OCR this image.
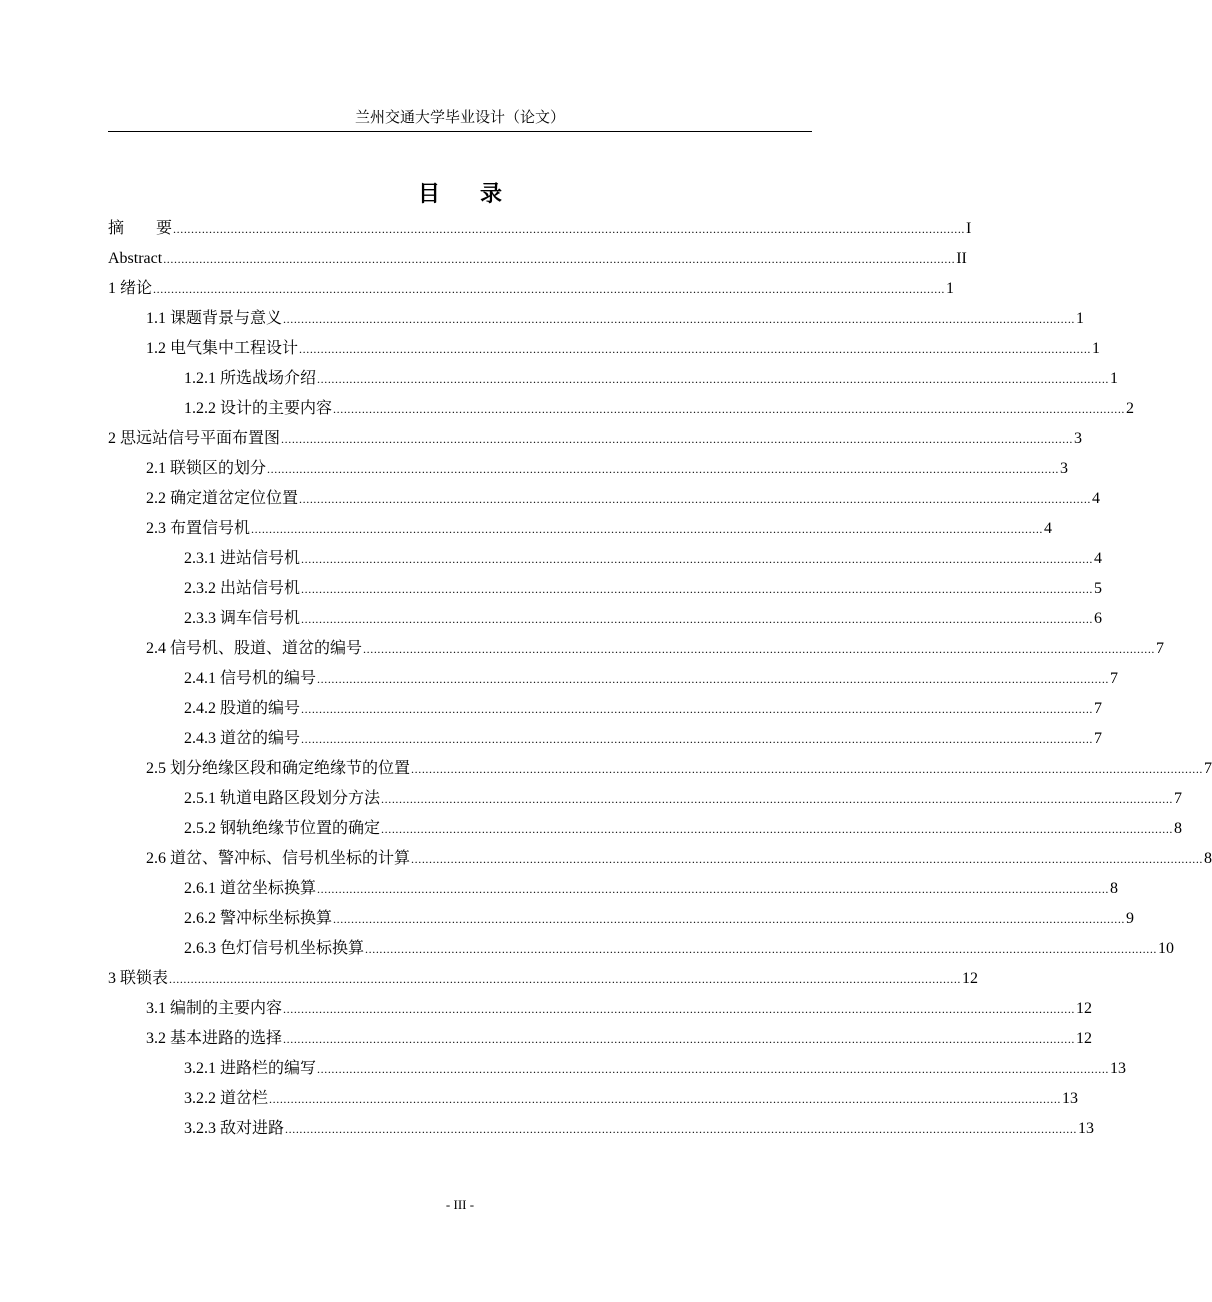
兰州交通大学毕业设计（论文）
目录
摘　　要 ............................................................................................................................................................................................................................ I
Abstract ............................................................................................................................................................................................................................ II
1 绪论 ............................................................................................................................................................................................................................ 1
1.1 课题背景与意义 ............................................................................................................................................................................................................................ 1
1.2 电气集中工程设计 ............................................................................................................................................................................................................................ 1
1.2.1 所选战场介绍 ............................................................................................................................................................................................................................ 1
1.2.2 设计的主要内容 ............................................................................................................................................................................................................................ 2
2 思远站信号平面布置图 ............................................................................................................................................................................................................................ 3
2.1 联锁区的划分 ............................................................................................................................................................................................................................ 3
2.2 确定道岔定位位置 ............................................................................................................................................................................................................................ 4
2.3 布置信号机 ............................................................................................................................................................................................................................ 4
2.3.1 进站信号机 ............................................................................................................................................................................................................................ 4
2.3.2 出站信号机 ............................................................................................................................................................................................................................ 5
2.3.3 调车信号机 ............................................................................................................................................................................................................................ 6
2.4 信号机、股道、道岔的编号 ............................................................................................................................................................................................................................ 7
2.4.1 信号机的编号 ............................................................................................................................................................................................................................ 7
2.4.2 股道的编号 ............................................................................................................................................................................................................................ 7
2.4.3 道岔的编号 ............................................................................................................................................................................................................................ 7
2.5 划分绝缘区段和确定绝缘节的位置 ............................................................................................................................................................................................................................ 7
2.5.1 轨道电路区段划分方法 ............................................................................................................................................................................................................................ 7
2.5.2 钢轨绝缘节位置的确定 ............................................................................................................................................................................................................................ 8
2.6 道岔、警冲标、信号机坐标的计算 ............................................................................................................................................................................................................................ 8
2.6.1 道岔坐标换算 ............................................................................................................................................................................................................................ 8
2.6.2 警冲标坐标换算 ............................................................................................................................................................................................................................ 9
2.6.3 色灯信号机坐标换算 ............................................................................................................................................................................................................................ 10
3 联锁表 ............................................................................................................................................................................................................................ 12
3.1 编制的主要内容 ............................................................................................................................................................................................................................ 12
3.2 基本进路的选择 ............................................................................................................................................................................................................................ 12
3.2.1 进路栏的编写 ............................................................................................................................................................................................................................ 13
3.2.2 道岔栏 ............................................................................................................................................................................................................................ 13
3.2.3 敌对进路 ............................................................................................................................................................................................................................ 13
- III -
